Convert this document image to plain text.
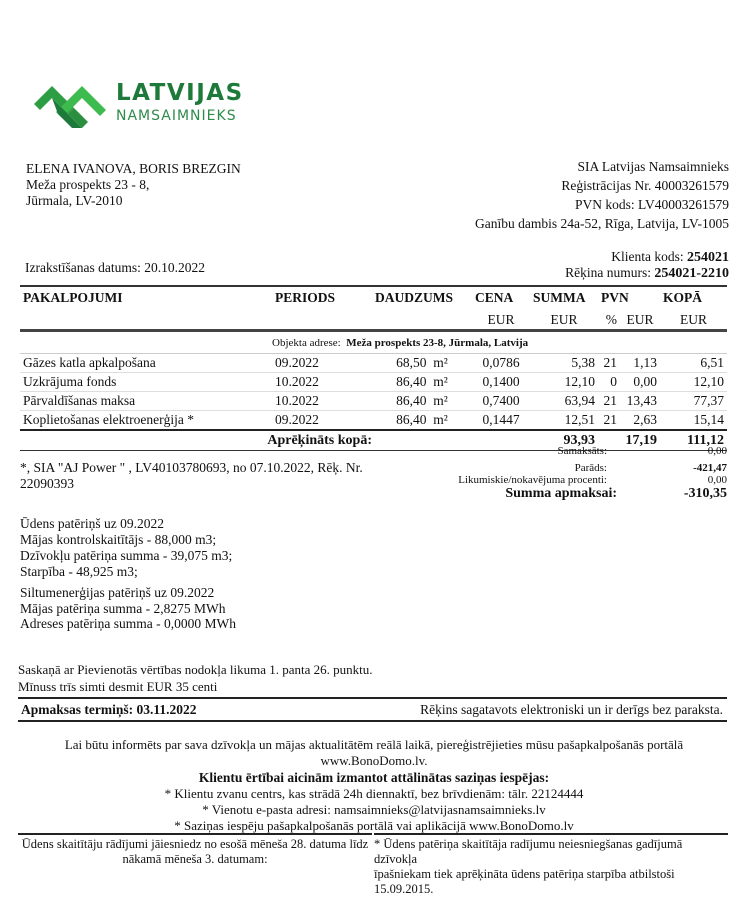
LATVIJAS
NAMSAIMNIEKS
ELENA IVANOVA, BORIS BREZGIN
Meža prospekts 23 - 8,
Jūrmala, LV-2010
SIA Latvijas Namsaimnieks
Reģistrācijas Nr. 40003261579
PVN kods: LV40003261579
Ganību dambis 24a-52, Rīga, Latvija, LV-1005
Izrakstīšanas datums: 20.10.2022
Klienta kods: 254021
Rēķina numurs: 254021-2210
PAKALPOJUMI	PERIODS	DAUDZUMS	CENA	SUMMA	PVN		KOPĀ
			EUR	EUR	%	EUR	EUR
	Objekta adrese: Meža prospekts 23-8, Jūrmala, Latvija						
Gāzes katla apkalpošana	09.2022	68,50 m²	0,0786	5,38	21	1,13	6,51
Uzkrājuma fonds	10.2022	86,40 m²	0,1400	12,10	0	0,00	12,10
Pārvaldīšanas maksa	10.2022	86,40 m²	0,7400	63,94	21	13,43	77,37
Koplietošanas elektroenerģija *	09.2022	86,40 m²	0,1447	12,51	21	2,63	15,14
Aprēķināts kopā:				93,93		17,19	111,12
*, SIA "AJ Power " , LV40103780693, no 07.10.2022, Rēķ. Nr. 22090393
Samaksāts:	0,00
Parāds:	-421,47
Likumiskie/nokavējuma procenti:	0,00
Summa apmaksai:	-310,35
Ūdens patēriņš uz 09.2022
Mājas kontrolskaitītājs - 88,000 m3;
Dzīvokļu patēriņa summa - 39,075 m3;
Starpība - 48,925 m3;
Siltumenerģijas patēriņš uz 09.2022
Mājas patēriņa summa - 2,8275 MWh
Adreses patēriņa summa - 0,0000 MWh
Saskaņā ar Pievienotās vērtības nodokļa likuma 1. panta 26. punktu.
Mīnuss trīs simti desmit EUR 35 centi
Apmaksas termiņš: 03.11.2022	Rēķins sagatavots elektroniski un ir derīgs bez paraksta.
Lai būtu informēts par sava dzīvokļa un mājas aktualitātēm reālā laikā, piereģistrējieties mūsu pašapkalpošanās portālā
www.BonoDomo.lv.
Klientu ērtībai aicinām izmantot attālinātas saziņas iespējas:
* Klientu zvanu centrs, kas strādā 24h diennaktī, bez brīvdienām: tālr. 22124444
* Vienotu e-pasta adresi: namsaimnieks@latvijasnamsaimnieks.lv
* Saziņas iespēju pašapkalpošanās portālā vai aplikācijā www.BonoDomo.lv
Ūdens skaitītāju rādījumi jāiesniedz no esošā mēneša 28. datuma līdz
nākamā mēneša 3. datumam:
* Ūdens patēriņa skaitītāja radījumu neiesniegšanas gadījumā dzīvokļa
īpašniekam tiek aprēķināta ūdens patēriņa starpība atbilstoši 15.09.2015.
